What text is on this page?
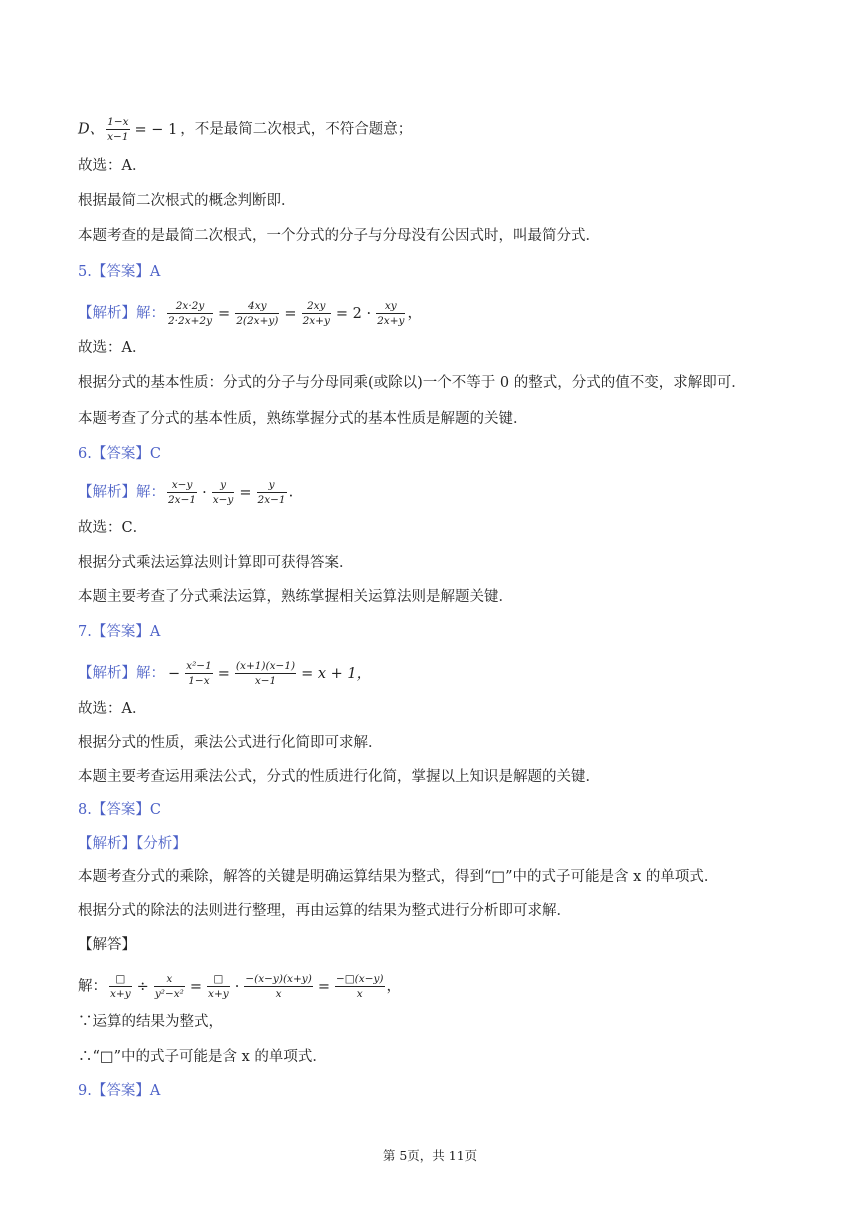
D、 $\frac{1-x}{x-1}$ = − 1 ，不是最简二次根式，不符合题意；
故选：A．
根据最简二次根式的概念判断即．
本题考查的是最简二次根式，一个分式的分子与分母没有公因式时，叫最简分式．
5.【答案】A
【解析】解： $\frac{2x\cdot 2y}{2\cdot 2x+2y} = \frac{4xy}{2(2x+y)} = \frac{2xy}{2x+y} = 2 \cdot \frac{xy}{2x+y}$ ，
故选：A．
根据分式的基本性质：分式的分子与分母同乘(或除以)一个不等于 0 的整式，分式的值不变，求解即可．
本题考查了分式的基本性质，熟练掌握分式的基本性质是解题的关键．
6.【答案】C
【解析】解： $\frac{x-y}{2x-1} \cdot \frac{y}{x-y} = \frac{y}{2x-1}$ .
故选：C．
根据分式乘法运算法则计算即可获得答案．
本题主要考查了分式乘法运算，熟练掌握相关运算法则是解题关键．
7.【答案】A
【解析】解： − $\frac{\text{x²−1}}{1-x} = \frac{(x+1)(x-1)}{x-1} = x + 1$，
故选：A．
根据分式的性质，乘法公式进行化简即可求解．
本题主要考查运用乘法公式，分式的性质进行化简，掌握以上知识是解题的关键．
8.【答案】C
【解析】【分析】
本题考查分式的乘除，解答的关键是明确运算结果为整式，得到“□”中的式子可能是含 x 的单项式．
根据分式的除法的法则进行整理，再由运算的结果为整式进行分析即可求解．
【解答】
解： $\frac{□}{x+y} \div \frac{x}{\text{y²−x²}} = \frac{□}{x+y} \cdot \frac{-(x-y)(x+y)}{x} = \frac{-□(x-y)}{x}$ ，
∵运算的结果为整式，
∴“□”中的式子可能是含 x 的单项式．
9.【答案】A
第 5页，共 11页
